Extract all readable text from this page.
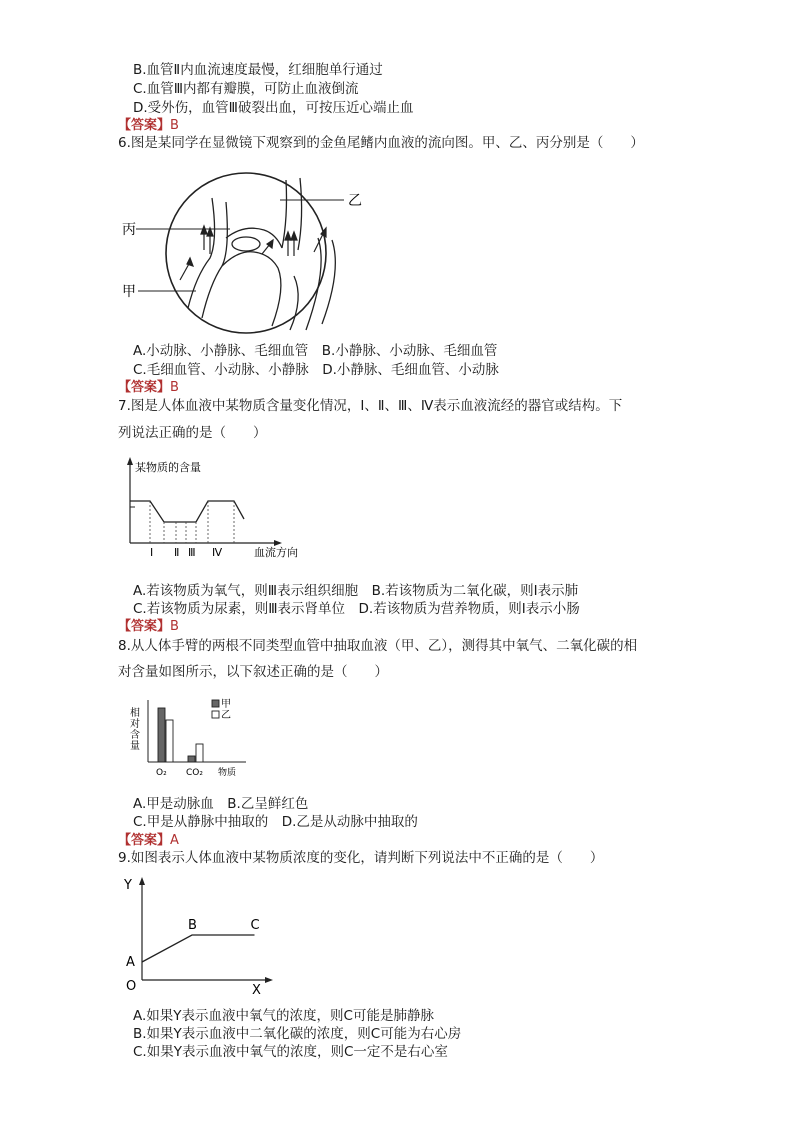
B.血管Ⅱ内血流速度最慢，红细胞单行通过
C.血管Ⅲ内都有瓣膜，可防止血液倒流
D.受外伤，血管Ⅲ破裂出血，可按压近心端止血
【答案】B
6.图是某同学在显微镜下观察到的金鱼尾鳍内血液的流向图。甲、乙、丙分别是（　　）
丙
甲
乙
A.小动脉、小静脉、毛细血管　B.小静脉、小动脉、毛细血管
C.毛细血管、小动脉、小静脉　D.小静脉、毛细血管、小动脉
【答案】B
7.图是人体血液中某物质含量变化情况，Ⅰ、Ⅱ、Ⅲ、Ⅳ表示血液流经的器官或结构。下
列说法正确的是（　　）
某物质的含量
血流方向
Ⅰ Ⅱ Ⅲ Ⅳ
A.若该物质为氧气，则Ⅲ表示组织细胞　B.若该物质为二氧化碳，则Ⅰ表示肺
C.若该物质为尿素，则Ⅲ表示肾单位　D.若该物质为营养物质，则Ⅰ表示小肠
【答案】B
8.从人体手臂的两根不同类型血管中抽取血液（甲、乙），测得其中氧气、二氧化碳的相
对含量如图所示，以下叙述正确的是（　　）
相
对
含
量
甲
乙
O₂ CO₂ 物质
A.甲是动脉血　B.乙呈鲜红色
C.甲是从静脉中抽取的　D.乙是从动脉中抽取的
【答案】A
9.如图表示人体血液中某物质浓度的变化，请判断下列说法中不正确的是（　　）
Y
X
O
A
B	C
A.如果Y表示血液中氧气的浓度，则C可能是肺静脉
B.如果Y表示血液中二氧化碳的浓度，则C可能为右心房
C.如果Y表示血液中氧气的浓度，则C一定不是右心室
